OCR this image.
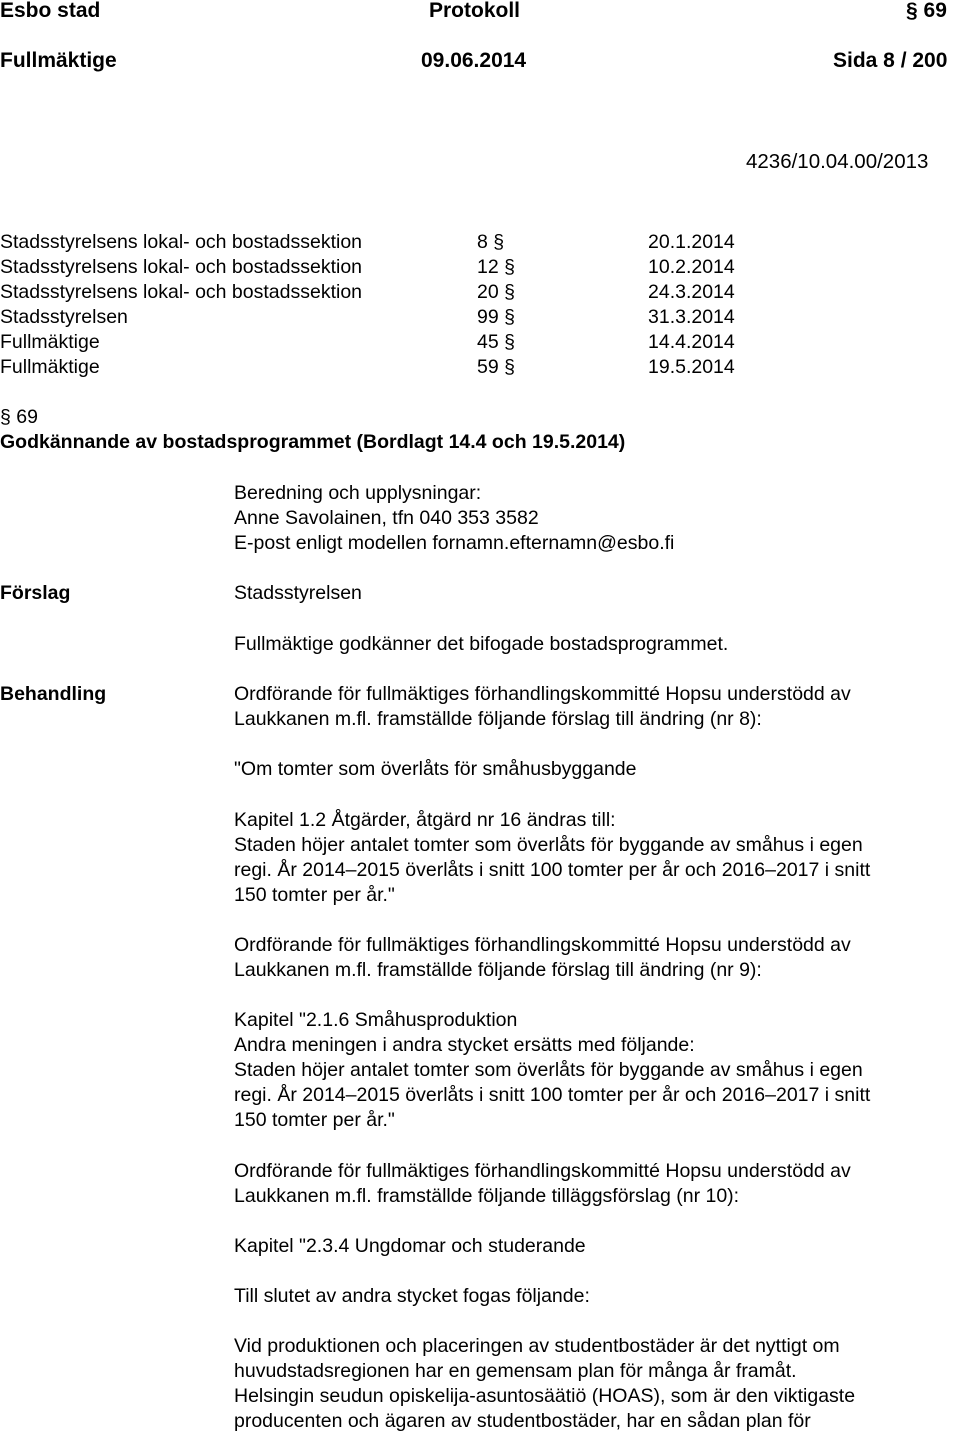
Esbo stad	Protokoll	§ 69
Fullmäktige	09.06.2014	Sida 8 / 200
4236/10.04.00/2013
Stadsstyrelsens lokal- och bostadssektion	8 §	20.1.2014
Stadsstyrelsens lokal- och bostadssektion	12 §	10.2.2014
Stadsstyrelsens lokal- och bostadssektion	20 §	24.3.2014
Stadsstyrelsen	99 §	31.3.2014
Fullmäktige	45 §	14.4.2014
Fullmäktige	59 §	19.5.2014
§ 69
Godkännande av bostadsprogrammet (Bordlagt 14.4 och 19.5.2014)
Beredning och upplysningar:
Anne Savolainen, tfn 040 353 3582
E-post enligt modellen fornamn.efternamn@esbo.fi
Förslag	Stadsstyrelsen
Fullmäktige godkänner det bifogade bostadsprogrammet.
Behandling	Ordförande för fullmäktiges förhandlingskommitté Hopsu understödd av
Laukkanen m.fl. framställde följande förslag till ändring (nr 8):
"Om tomter som överlåts för småhusbyggande
Kapitel 1.2 Åtgärder, åtgärd nr 16 ändras till:
Staden höjer antalet tomter som överlåts för byggande av småhus i egen
regi. År 2014–2015 överlåts i snitt 100 tomter per år och 2016–2017 i snitt
150 tomter per år."
Ordförande för fullmäktiges förhandlingskommitté Hopsu understödd av
Laukkanen m.fl. framställde följande förslag till ändring (nr 9):
Kapitel "2.1.6 Småhusproduktion
Andra meningen i andra stycket ersätts med följande:
Staden höjer antalet tomter som överlåts för byggande av småhus i egen
regi. År 2014–2015 överlåts i snitt 100 tomter per år och 2016–2017 i snitt
150 tomter per år."
Ordförande för fullmäktiges förhandlingskommitté Hopsu understödd av
Laukkanen m.fl. framställde följande tilläggsförslag (nr 10):
Kapitel "2.3.4 Ungdomar och studerande
Till slutet av andra stycket fogas följande:
Vid produktionen och placeringen av studentbostäder är det nyttigt om
huvudstadsregionen har en gemensam plan för många år framåt.
Helsingin seudun opiskelija-asuntosäätiö (HOAS), som är den viktigaste
producenten och ägaren av studentbostäder, har en sådan plan för
